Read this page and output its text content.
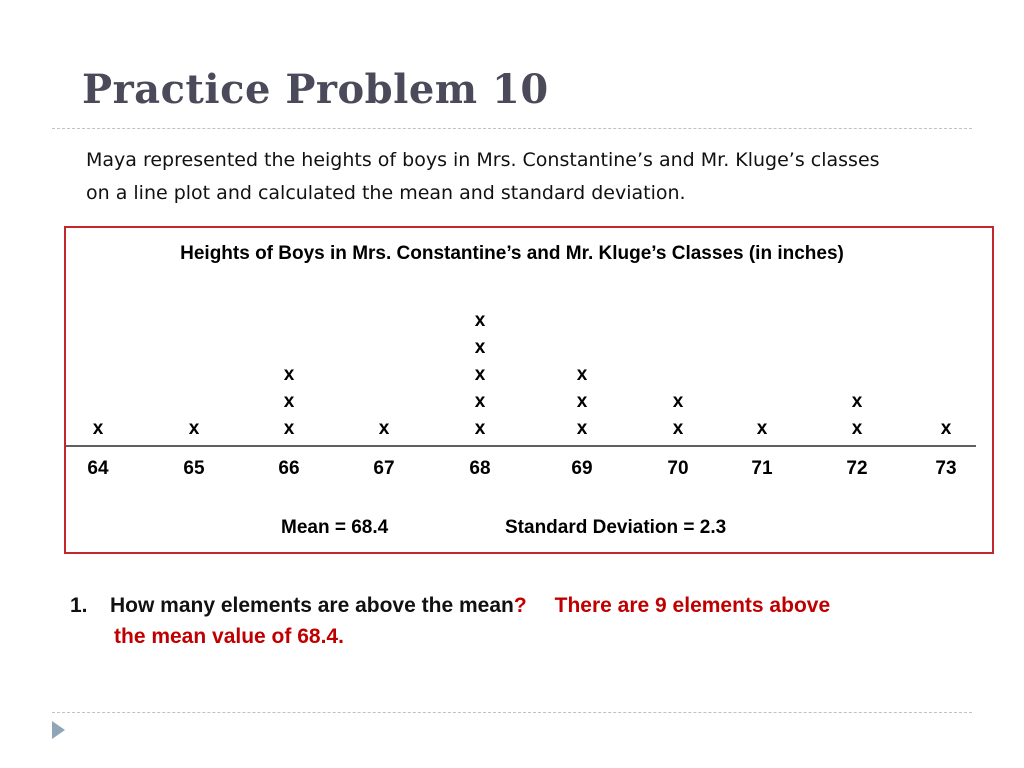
Practice Problem 10
Maya represented the heights of boys in Mrs. Constantine’s and Mr. Kluge’s classes
on a line plot and calculated the mean and standard deviation.
Heights of Boys in Mrs. Constantine’s and Mr. Kluge’s Classes (in inches)
x	x	x
x
x
x	x
x
x
x
x
x
x
x
x
x
x	x
x
x
64	65	66	67	68	69	70	71	72	73
Mean = 68.4	Standard Deviation = 2.3
1. How many elements are above the mean? There are 9 elements above
the mean value of 68.4.
